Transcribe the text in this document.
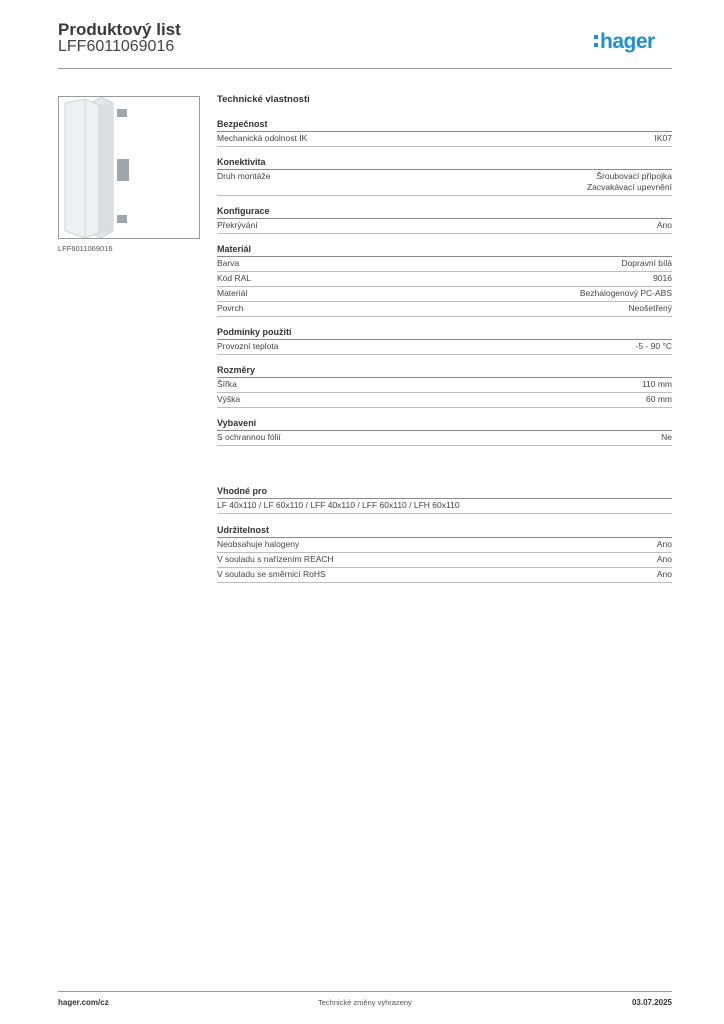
Produktový list
LFF6011069016	hager
LFF6011069016
Technické vlastnosti
Bezpečnost
Mechanická odolnost IK	IK07
Konektivita
Druh montáže	Šroubovací přípojka
Zacvakávací upevnění
Konfigurace
Překrývání	Ano
Materiál
Barva	Dopravní bílá
Kód RAL	9016
Materiál	Bezhalogenový PC-ABS
Povrch	Neošetřený
Podmínky použití
Provozní teplota	-5 - 90 °C
Rozměry
Šířka	110 mm
Výška	60 mm
Vybavení
S ochrannou fólií	Ne
Vhodné pro
LF 40x110 / LF 60x110 / LFF 40x110 / LFF 60x110 / LFH 60x110
Udržitelnost
Neobsahuje halogeny	Ano
V souladu s nařízením REACH	Ano
V souladu se směrnicí RoHS	Ano
hager.com/cz	Technické změny vyhrazeny	03.07.2025
